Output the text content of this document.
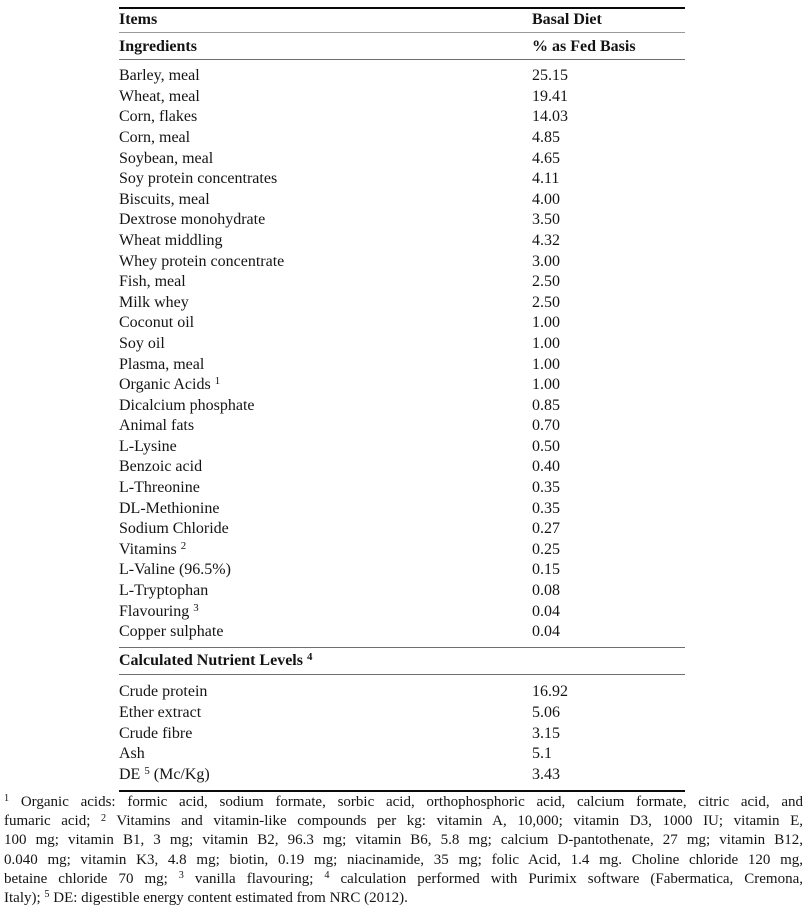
Items	Basal Diet
Ingredients	% as Fed Basis
Barley, meal	25.15
Wheat, meal	19.41
Corn, flakes	14.03
Corn, meal	4.85
Soybean, meal	4.65
Soy protein concentrates	4.11
Biscuits, meal	4.00
Dextrose monohydrate	3.50
Wheat middling	4.32
Whey protein concentrate	3.00
Fish, meal	2.50
Milk whey	2.50
Coconut oil	1.00
Soy oil	1.00
Plasma, meal	1.00
Organic Acids $^1$	1.00
Dicalcium phosphate	0.85
Animal fats	0.70
L-Lysine	0.50
Benzoic acid	0.40
L-Threonine	0.35
DL-Methionine	0.35
Sodium Chloride	0.27
Vitamins $^2$	0.25
L-Valine (96.5%)	0.15
L-Tryptophan	0.08
Flavouring $^3$	0.04
Copper sulphate	0.04
Calculated Nutrient Levels $^4$
Crude protein	16.92
Ether extract	5.06
Crude fibre	3.15
Ash	5.1
DE $^5$ (Mc/Kg)	3.43
$^1$ Organic acids: formic acid, sodium formate, sorbic acid, orthophosphoric acid, calcium formate, citric acid, and
fumaric acid; $^2$ Vitamins and vitamin-like compounds per kg: vitamin A, 10,000; vitamin D3, 1000 IU; vitamin E,
100 mg; vitamin B1, 3 mg; vitamin B2, 96.3 mg; vitamin B6, 5.8 mg; calcium D-pantothenate, 27 mg; vitamin B12,
0.040 mg; vitamin K3, 4.8 mg; biotin, 0.19 mg; niacinamide, 35 mg; folic Acid, 1.4 mg. Choline chloride 120 mg,
betaine chloride 70 mg; $^3$ vanilla flavouring; $^4$ calculation performed with Purimix software (Fabermatica, Cremona,
Italy); $^5$ DE: digestible energy content estimated from NRC (2012).
